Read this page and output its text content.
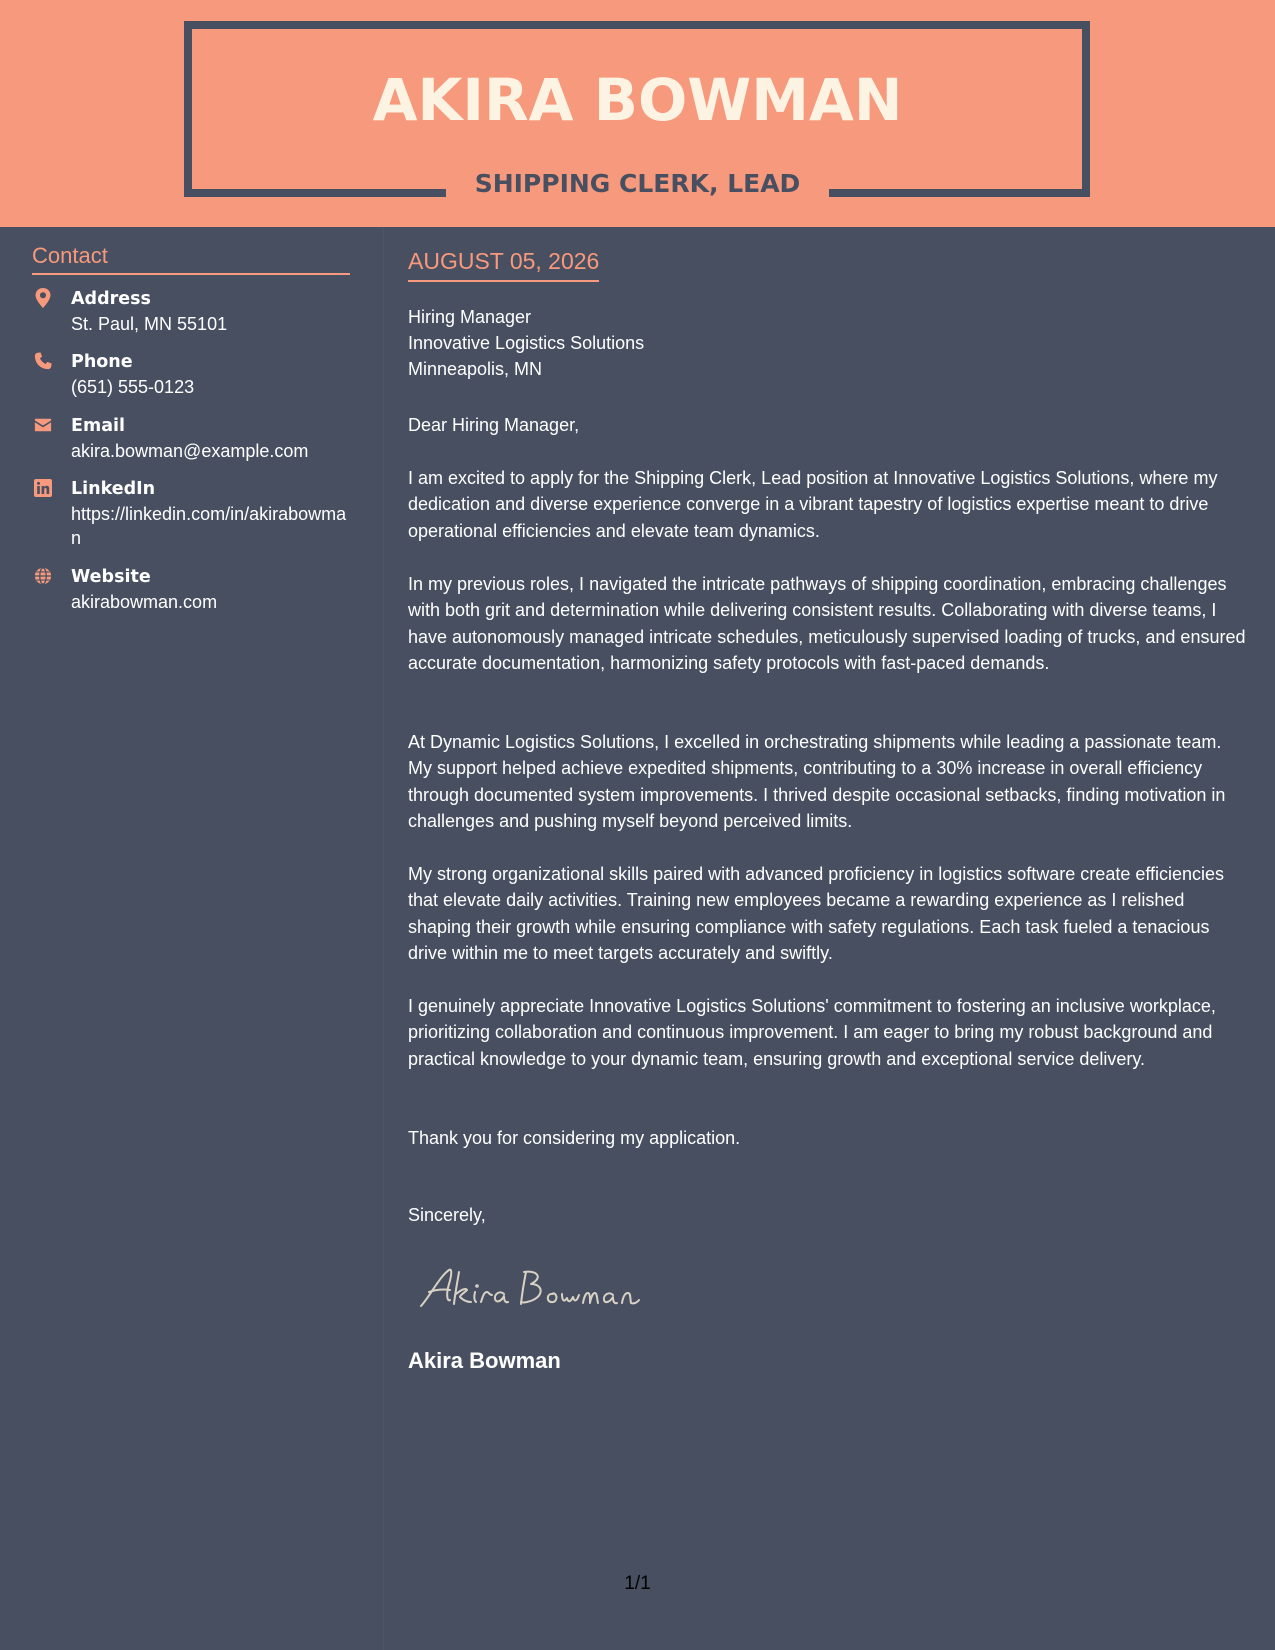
AKIRA BOWMAN
SHIPPING CLERK, LEAD
Contact
Address
St. Paul, MN 55101
Phone
(651) 555-0123
Email
akira.bowman@example.com
LinkedIn
https://linkedin.com/in/akirabowman
Website
akirabowman.com
AUGUST 05, 2026
Hiring Manager
Innovative Logistics Solutions
Minneapolis, MN
Dear Hiring Manager,
I am excited to apply for the Shipping Clerk, Lead position at Innovative Logistics Solutions, where my dedication and diverse experience converge in a vibrant tapestry of logistics expertise meant to drive operational efficiencies and elevate team dynamics.
In my previous roles, I navigated the intricate pathways of shipping coordination, embracing challenges with both grit and determination while delivering consistent results. Collaborating with diverse teams, I have autonomously managed intricate schedules, meticulously supervised loading of trucks, and ensured accurate documentation, harmonizing safety protocols with fast-paced demands.
At Dynamic Logistics Solutions, I excelled in orchestrating shipments while leading a passionate team. My support helped achieve expedited shipments, contributing to a 30% increase in overall efficiency through documented system improvements. I thrived despite occasional setbacks, finding motivation in challenges and pushing myself beyond perceived limits.
My strong organizational skills paired with advanced proficiency in logistics software create efficiencies that elevate daily activities. Training new employees became a rewarding experience as I relished shaping their growth while ensuring compliance with safety regulations. Each task fueled a tenacious drive within me to meet targets accurately and swiftly.
I genuinely appreciate Innovative Logistics Solutions' commitment to fostering an inclusive workplace, prioritizing collaboration and continuous improvement. I am eager to bring my robust background and practical knowledge to your dynamic team, ensuring growth and exceptional service delivery.
Thank you for considering my application.
Sincerely,
Akira Bowman
1/1
